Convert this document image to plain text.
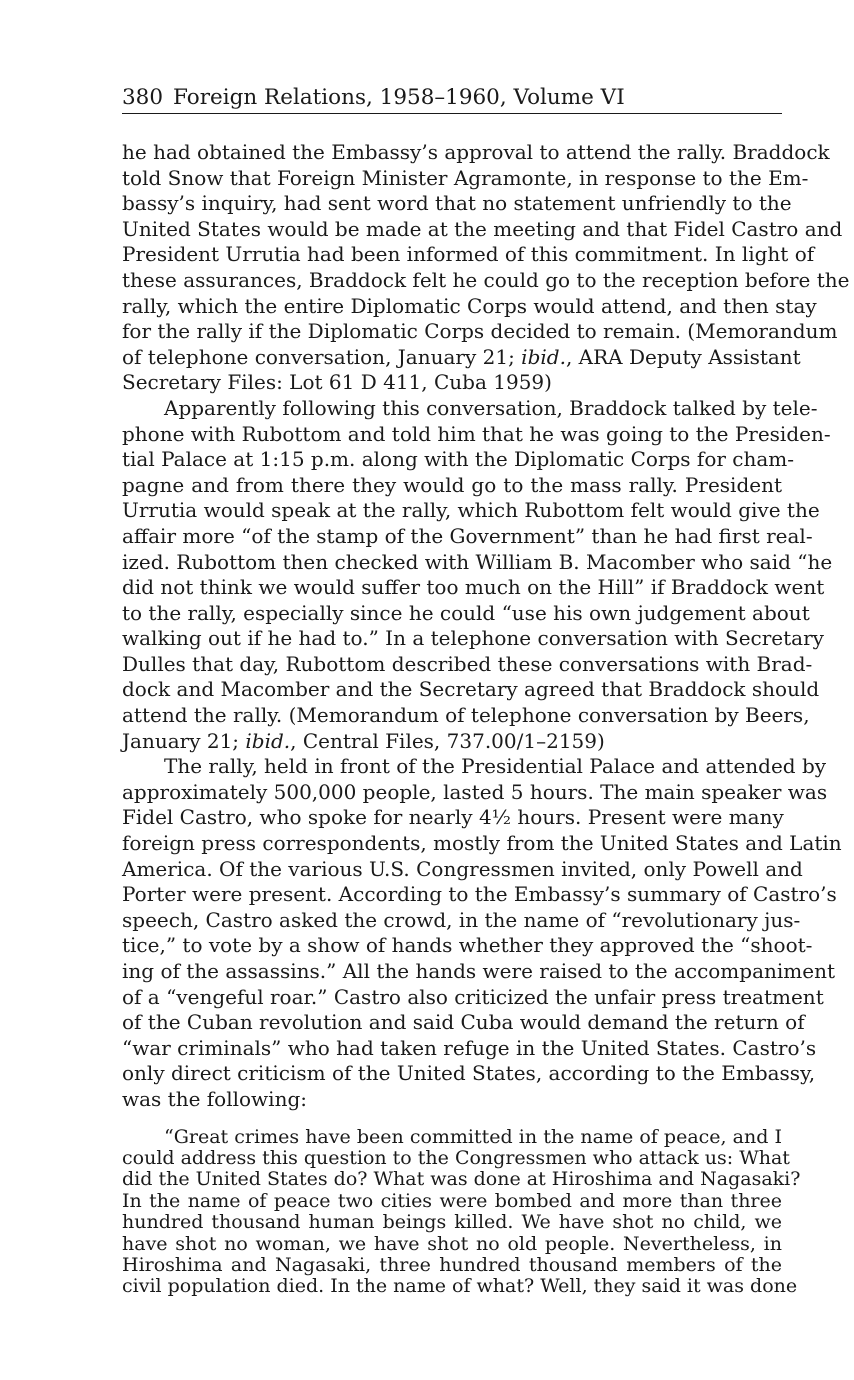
380 Foreign Relations, 1958–1960, Volume VI
he had obtained the Embassy’s approval to attend the rally. Braddock
told Snow that Foreign Minister Agramonte, in response to the Em-
bassy’s inquiry, had sent word that no statement unfriendly to the
United States would be made at the meeting and that Fidel Castro and
President Urrutia had been informed of this commitment. In light of
these assurances, Braddock felt he could go to the reception before the
rally, which the entire Diplomatic Corps would attend, and then stay
for the rally if the Diplomatic Corps decided to remain. (Memorandum
of telephone conversation, January 21; ibid., ARA Deputy Assistant
Secretary Files: Lot 61 D 411, Cuba 1959)
Apparently following this conversation, Braddock talked by tele-
phone with Rubottom and told him that he was going to the Presiden-
tial Palace at 1:15 p.m. along with the Diplomatic Corps for cham-
pagne and from there they would go to the mass rally. President
Urrutia would speak at the rally, which Rubottom felt would give the
affair more “of the stamp of the Government” than he had first real-
ized. Rubottom then checked with William B. Macomber who said “he
did not think we would suffer too much on the Hill” if Braddock went
to the rally, especially since he could “use his own judgement about
walking out if he had to.” In a telephone conversation with Secretary
Dulles that day, Rubottom described these conversations with Brad-
dock and Macomber and the Secretary agreed that Braddock should
attend the rally. (Memorandum of telephone conversation by Beers,
January 21; ibid., Central Files, 737.00/1–2159)
The rally, held in front of the Presidential Palace and attended by
approximately 500,000 people, lasted 5 hours. The main speaker was
Fidel Castro, who spoke for nearly 4½ hours. Present were many
foreign press correspondents, mostly from the United States and Latin
America. Of the various U.S. Congressmen invited, only Powell and
Porter were present. According to the Embassy’s summary of Castro’s
speech, Castro asked the crowd, in the name of “revolutionary jus-
tice,” to vote by a show of hands whether they approved the “shoot-
ing of the assassins.” All the hands were raised to the accompaniment
of a “vengeful roar.” Castro also criticized the unfair press treatment
of the Cuban revolution and said Cuba would demand the return of
“war criminals” who had taken refuge in the United States. Castro’s
only direct criticism of the United States, according to the Embassy,
was the following:
“Great crimes have been committed in the name of peace, and I
could address this question to the Congressmen who attack us: What
did the United States do? What was done at Hiroshima and Nagasaki?
In the name of peace two cities were bombed and more than three
hundred thousand human beings killed. We have shot no child, we
have shot no woman, we have shot no old people. Nevertheless, in
Hiroshima and Nagasaki, three hundred thousand members of the
civil population died. In the name of what? Well, they said it was done
